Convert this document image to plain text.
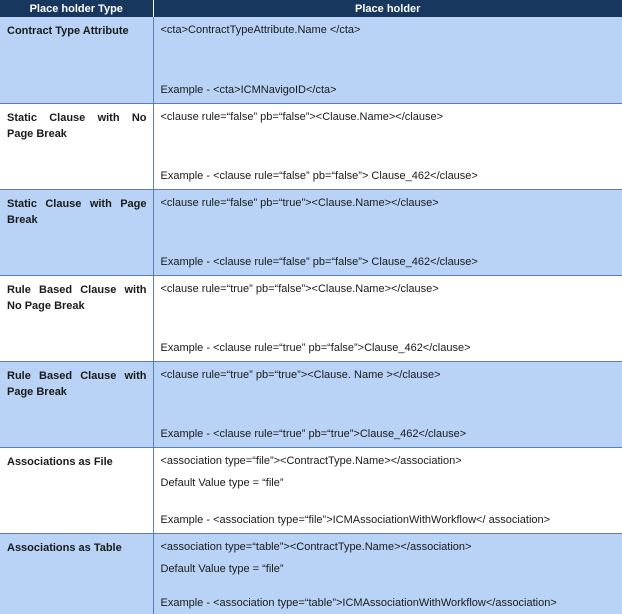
Place holder Type	Place holder
Contract Type Attribute	<cta>ContractTypeAttribute.Name </cta>
Example - <cta>ICMNavigoID</cta>

Static Clause with No Page Break	<clause rule=“false” pb=“false”><Clause.Name></clause>
Example - <clause rule=“false” pb=“false”> Clause_462</clause>

Static Clause with Page Break	<clause rule=“false” pb=“true”><Clause.Name></clause>
Example - <clause rule=“false” pb=“false”> Clause_462</clause>

Rule Based Clause with No Page Break	<clause rule=“true” pb=“false”><Clause.Name></clause>
Example - <clause rule=“true” pb=“false”>Clause_462</clause>

Rule Based Clause with Page Break	<clause rule=“true” pb=“true”><Clause. Name ></clause>
Example - <clause rule=“true” pb=“true”>Clause_462</clause>

Associations as File	<association type=“file”><ContractType.Name></association>
Default Value type = “file”
Example - <association type=“file”>ICMAssociationWithWorkflow</ association>

Associations as Table	<association type=“table”><ContractType.Name></association>
Default Value type = “file”
Example - <association type=“table”>ICMAssociationWithWorkflow</association>
